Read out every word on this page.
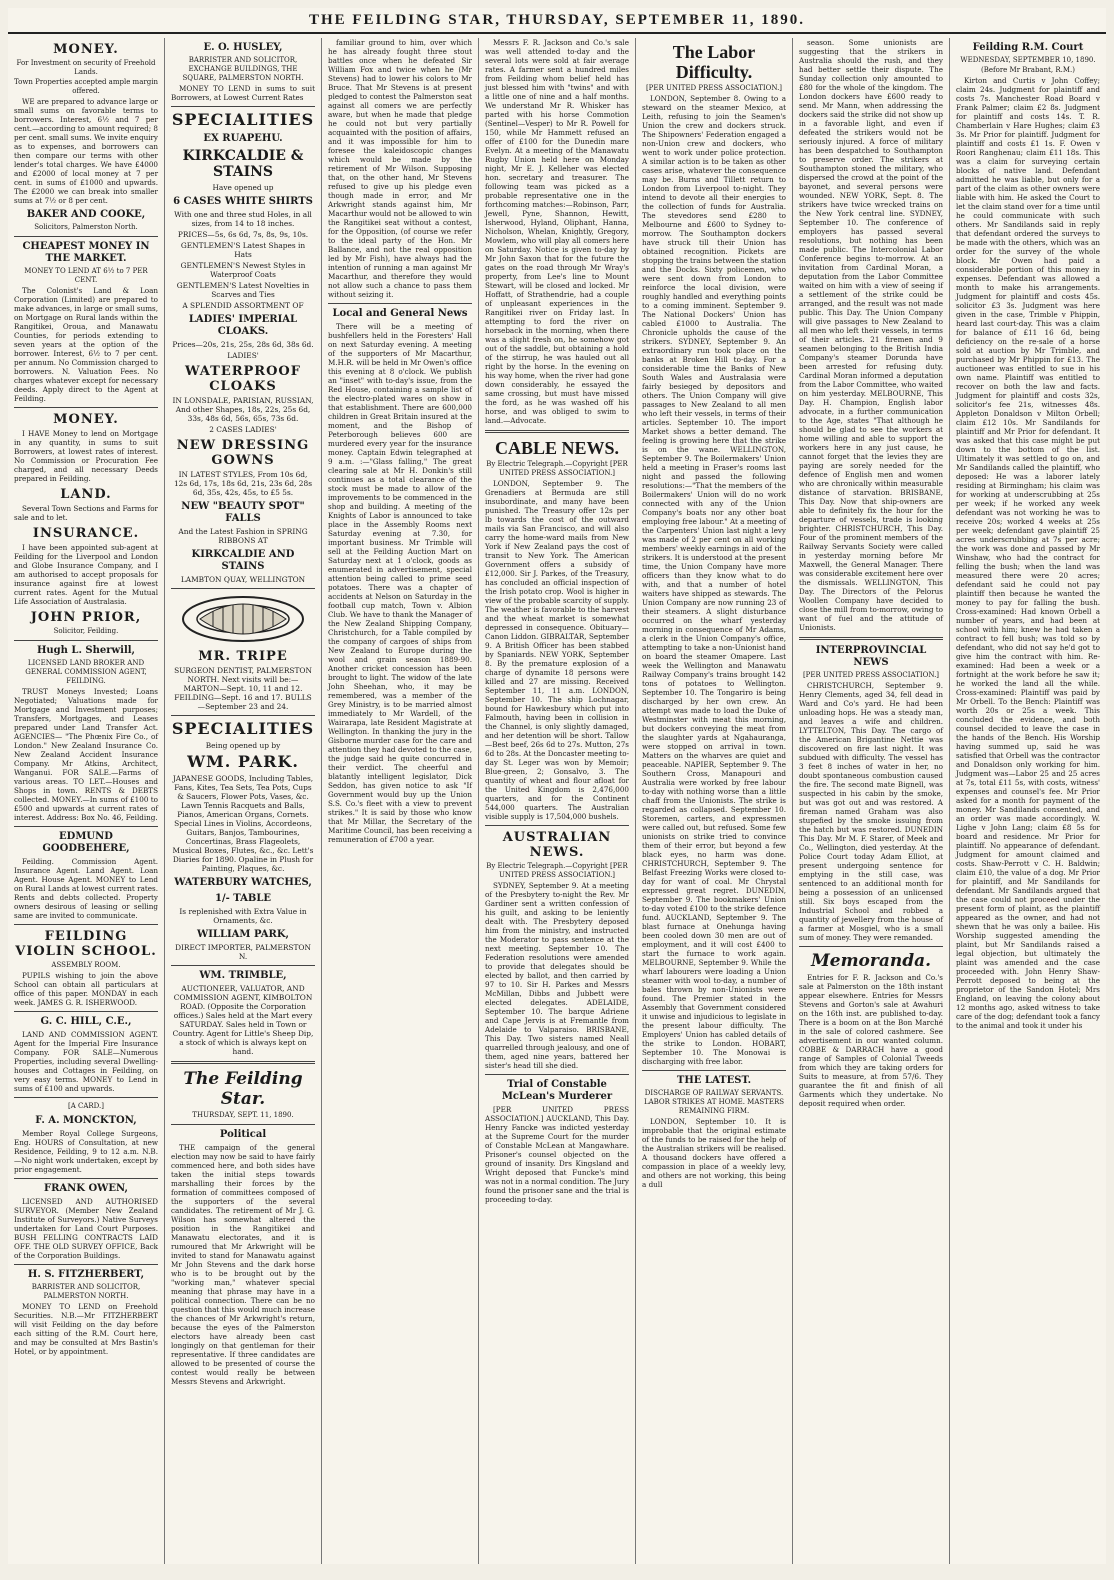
THE FEILDING STAR, THURSDAY, SEPTEMBER 11, 1890.
MONEY.
For Investment on security of Freehold Lands.
Town Properties accepted ample margin offered.

WE are prepared to advance large or small sums on favorable terms to borrowers. Interest, 6½ and 7 per cent.—according to amount required; 8 per cent. small sums. We invite enquiry as to expenses, and borrowers can then compare our terms with other lender's total charges. We have £4000 and £2000 of local money at 7 per cent. in sums of £1000 and upwards. The £2000 we can break into smaller sums at 7½ or 8 per cent.

BAKER AND COOKE,
Solicitors, Palmerston North.
CHEAPEST MONEY IN THE MARKET.
MONEY TO LEND AT 6½ to 7 PER CENT.

The Colonist's Land & Loan Corporation (Limited) are prepared to make advances, in large or small sums, on Mortgage on Rural lands within the Rangitikei, Oroua, and Manawatu Counties, for periods extending to seven years at the option of the borrower. Interest, 6½ to 7 per cent. per annum. No Commission charged to borrowers. N. Valuation Fees. No charges whatever except for necessary deeds. Apply direct to the Agent at Feilding.

MONEY.

I HAVE Money to lend on Mortgage in any quantity, in sums to suit Borrowers, at lowest rates of interest. No Commission or Procuration Fee charged, and all necessary Deeds prepared in Feilding.

LAND.

Several Town Sections and Farms for sale and to let.

INSURANCE.

I have been appointed sub-agent at Feilding for the Liverpool and London and Globe Insurance Company, and I am authorised to accept proposals for insurance against fire at lowest current rates. Agent for the Mutual Life Association of Australasia.

JOHN PRIOR,
Solicitor, Feilding.
Hugh L. Sherwill,
LICENSED LAND BROKER AND GENERAL COMMISSION AGENT, FEILDING.

TRUST Moneys Invested; Loans Negotiated; Valuations made for Mortgage and Investment purposes; Transfers, Mortgages, and Leases prepared under Land Transfer Act. AGENCIES— "The Phœnix Fire Co., of London." New Zealand Insurance Co. New Zealand Accident Insurance Company. Mr Atkins, Architect, Wanganui. FOR SALE.—Farms of various areas. TO LET.—Houses and Shops in town. RENTS & DEBTS collected. MONEY.—In sums of £100 to £500 and upwards at current rates of interest. Address: Box No. 46, Feilding.

EDMUND GOODBEHERE,

Feilding. Commission Agent. Insurance Agent. Land Agent. Loan Agent. House Agent. MONEY to Lend on Rural Lands at lowest current rates. Rents and debts collected. Property owners desirous of leasing or selling same are invited to communicate.

FEILDING VIOLIN SCHOOL.
ASSEMBLY ROOM.

PUPILS wishing to join the above School can obtain all particulars at office of this paper. MONDAY in each week. JAMES G. R. ISHERWOOD.

G. C. HILL, C.E.,

LAND AND COMMISSION AGENT. Agent for the Imperial Fire Insurance Company. FOR SALE—Numerous Properties, including several Dwelling-houses and Cottages in Feilding, on very easy terms. MONEY to Lend in sums of £100 and upwards.

[A CARD.]
F. A. MONCKTON,

Member Royal College Surgeons, Eng. HOURS of Consultation, at new Residence, Feilding, 9 to 12 a.m. N.B.—No night work undertaken, except by prior engagement.

FRANK OWEN,

LICENSED AND AUTHORISED SURVEYOR. (Member New Zealand Institute of Surveyors.) Native Surveys undertaken for Land Court Purposes. BUSH FELLING CONTRACTS LAID OFF. THE OLD SURVEY OFFICE, Back of the Corporation Buildings.

H. S. FITZHERBERT,
BARRISTER AND SOLICITOR, PALMERSTON NORTH.

MONEY TO LEND on Freehold Securities. N.B.—Mr FITZHERBERT will visit Feilding on the day before each sitting of the R.M. Court here, and may be consulted at Mrs Bastin's Hotel, or by appointment.

E. O. HUSLEY,
BARRISTER AND SOLICITOR, EXCHANGE BUILDINGS, THE SQUARE, PALMERSTON NORTH.

MONEY TO LEND in sums to suit Borrowers, at Lowest Current Rates

SPECIALITIES
EX RUAPEHU.
KIRKCALDIE & STAINS
Have opened up
6 CASES WHITE SHIRTS
With one and three stud Holes, in all sizes, from 14 to 18 inches.
PRICES—5s, 6s 6d, 7s, 8s, 9s, 10s.
GENTLEMEN'S Latest Shapes in Hats
GENTLEMEN'S Newest Styles in Waterproof Coats
GENTLEMEN'S Latest Novelties in Scarves and Ties
A SPLENDID ASSORTMENT OF
LADIES' IMPERIAL CLOAKS.
Prices—20s, 21s, 25s, 28s 6d, 38s 6d.
LADIES'
WATERPROOF CLOAKS
IN LONSDALE, PARISIAN, RUSSIAN, And other Shapes, 18s, 22s, 25s 6d, 33s, 48s 6d, 56s, 65s, 73s 6d.
2 CASES LADIES'
NEW DRESSING GOWNS
IN LATEST STYLES, From 10s 6d, 12s 6d, 17s, 18s 6d, 21s, 23s 6d, 28s 6d, 35s, 42s, 45s, to £5 5s.
NEW "BEAUTY SPOT" FALLS
And the Latest Fashion in SPRING RIBBONS AT
KIRKCALDIE AND STAINS
LAMBTON QUAY, WELLINGTON
MR. TRIPE
SURGEON DENTIST, PALMERSTON NORTH. Next visits will be:— MARTON—Sept. 10, 11 and 12. FEILDING—Sept. 16 and 17. BULLS—September 23 and 24.
SPECIALITIES
Being opened up by
WM. PARK.
JAPANESE GOODS, Including Tables, Fans, Kites, Tea Sets, Tea Pots, Cups & Saucers, Flower Pots, Vases, &c. Lawn Tennis Racquets and Balls, Pianos, American Organs, Cornets. Special Lines in Violins, Accordeons, Guitars, Banjos, Tambourines, Concertinas, Brass Flageolets, Musical Boxes, Flutes, &c., &c. Lett's Diaries for 1890. Opaline in Plush for Painting, Plaques, &c.
WATERBURY WATCHES,
1/- TABLE
Is replenished with Extra Value in Ornaments, &c.
WILLIAM PARK,
DIRECT IMPORTER, PALMERSTON N.
WM. TRIMBLE,
AUCTIONEER, VALUATOR, AND COMMISSION AGENT, KIMBOLTON ROAD. (Opposite the Corporation offices.) Sales held at the Mart every SATURDAY. Sales held in Town or Country. Agent for Little's Sheep Dip, a stock of which is always kept on hand.
The Feilding Star.
THURSDAY, SEPT. 11, 1890.
Political

THE campaign of the general election may now be said to have fairly commenced here, and both sides have taken the initial steps towards marshalling their forces by the formation of committees composed of the supporters of the several candidates. The retirement of Mr J. G. Wilson has somewhat altered the position in the Rangitikei and Manawatu electorates, and it is rumoured that Mr Arkwright will be invited to stand for Manawatu against Mr John Stevens and the dark horse who is to be brought out by the "working man," whatever special meaning that phrase may have in a political connection. There can be no question that this would much increase the chances of Mr Arkwright's return, because the eyes of the Palmerston electors have already been cast longingly on that gentleman for their representative. If three candidates are allowed to be presented of course the contest would really be between Messrs Stevens and Arkwright.

familiar ground to him, over which he has already fought three stout battles once when he defeated Sir William Fox and twice when he (Mr Stevens) had to lower his colors to Mr Bruce. That Mr Stevens is at present pledged to contest the Palmerston seat against all comers we are perfectly aware, but when he made that pledge he could not but very partially acquainted with the position of affairs, and it was impossible for him to foresee the kaleidoscopic changes which would be made by the retirement of Mr Wilson. Supposing that, on the other hand, Mr Stevens refused to give up his pledge even though made in error, and Mr Arkwright stands against him, Mr Macarthur would not be allowed to win the Rangitikei seat without a contest, for the Opposition, (of course we refer to the ideal party of the Hon. Mr Ballance, and not the real opposition led by Mr Fish), have always had the intention of running a man against Mr Macarthur, and therefore they would not allow such a chance to pass them without seizing it.

Local and General News

There will be a meeting of bushfellers held in the Foresters' Hall on next Saturday evening. A meeting of the supporters of Mr Macarthur, M.H.R. will be held in Mr Owen's office this evening at 8 o'clock. We publish an "inset" with to-day's issue, from the Red House, containing a sample list of the electro-plated wares on show in that establishment. There are 600,000 children in Great Britain insured at the moment, and the Bishop of Peterborough believes 600 are murdered every year for the insurance money. Captain Edwin telegraphed at 9 a.m. :—"Glass falling," The great clearing sale at Mr H. Donkin's still continues as a total clearance of the stock must be made to allow of the improvements to be commenced in the shop and building. A meeting of the Knights of Labor is announced to take place in the Assembly Rooms next Saturday evening at 7.30, for important business. Mr Trimble will sell at the Feilding Auction Mart on Saturday next at 1 o'clock, goods as enumerated in advertisement, special attention being called to prime seed potatoes. There was a chapter of accidents at Nelson on Saturday in the football cup match, Town v. Albion Club. We have to thank the Manager of the New Zealand Shipping Company, Christchurch, for a Table compiled by the company of cargoes of ships from New Zealand to Europe during the wool and grain season 1889-90. Another cricket concession has been brought to light. The widow of the late John Sheehan, who, it may be remembered, was a member of the Grey Ministry, is to be married almost immediately to Mr Wardell, of the Wairarapa, late Resident Magistrate at Wellington. In thanking the jury in the Gisborne murder case for the care and attention they had devoted to the case, the judge said he quite concurred in their verdict. The cheerful and blatantly intelligent legislator, Dick Seddon, has given notice to ask "If Government would buy up the Union S.S. Co.'s fleet with a view to prevent strikes." It is said by those who know that Mr Millar, the Secretary of the Maritime Council, has been receiving a remuneration of £700 a year.

Messrs F. R. Jackson and Co.'s sale was well attended to-day and the several lots were sold at fair average rates. A farmer sent a hundred miles from Feilding whom belief held has just blessed him with "twins" and with a little one of nine and a half months. We understand Mr R. Whisker has parted with his horse Commotion (Sentinel—Vesper) to Mr R. Powell for 150, while Mr Hammett refused an offer of £100 for the Dunedin mare Evelyn. At a meeting of the Manawatu Rugby Union held here on Monday night, Mr E. J. Kelleher was elected hon. secretary and treasurer. The following team was picked as a probable representative one in the forthcoming matches:—Robinson, Parr, Jewell, Pyne, Shannon, Hewitt, Isherwood, Hyland, Oliphant, Hanna, Nicholson, Whelan, Knightly, Gregory, Mowlem, who will play all comers here on Saturday. Notice is given to-day by Mr John Saxon that for the future the gates on the road through Mr Wray's property, from Lee's line to Mount Stewart, will be closed and locked. Mr Hoffatt, of Strathendrie, had a couple of unpleasant experiences in the Rangitikei river on Friday last. In attempting to ford the river on horseback in the morning, when there was a slight fresh on, he somehow got out of the saddle, but obtaining a hold of the stirrup, he was hauled out all right by the horse. In the evening on his way home, when the river had gone down considerably, he essayed the same crossing, but must have missed the ford, as he was washed off his horse, and was obliged to swim to land.—Advocate.

CABLE NEWS.
By Electric Telegraph.—Copyright [PER UNITED PRESS ASSOCIATION.]

LONDON, September 9. The Grenadiers at Bermuda are still insubordinate, and many have been punished. The Treasury offer 12s per lb towards the cost of the outward mails via San Francisco, and will also carry the home-ward mails from New York if New Zealand pays the cost of transit to New York. The American Government offers a subsidy of £12,000. Sir J. Parkes, of the Treasury, has concluded an official inspection of the Irish potato crop. Wool is higher in view of the probable scarcity of supply. The weather is favorable to the harvest and the wheat market is somewhat depressed in consequence. Obituary—Canon Liddon. GIBRALTAR, September 9. A British Officer has been stabbed by Spaniards. NEW YORK, September 8. By the premature explosion of a charge of dynamite 18 persons were killed and 27 are missing. Received September 11, 11 a.m. LONDON, September 10. The ship Lochnagar, bound for Hawkesbury which put into Falmouth, having been in collision in the Channel, is only slightly damaged, and her detention will be short. Tallow—Best beef, 26s 6d to 27s. Mutton, 27s 6d to 28s. At the Doncaster meeting to-day St. Leger was won by Memoir; Blue-green, 2; Gonsalvo, 3. The quantity of wheat and flour afloat for the United Kingdom is 2,476,000 quarters, and for the Continent 544,000 quarters. The Australian visible supply is 17,504,000 bushels.

AUSTRALIAN NEWS.
By Electric Telegraph.—Copyright [PER UNITED PRESS ASSOCIATION.]

SYDNEY, September 9. At a meeting of the Presbytery to-night the Rev. Mr Gardiner sent a written confession of his guilt, and asking to be leniently dealt with. The Presbytery deposed him from the ministry, and instructed the Moderator to pass sentence at the next meeting. September 10. The Federation resolutions were amended to provide that delegates should be elected by ballot, and then carried by 97 to 10. Sir H. Parkes and Messrs McMillan, Dibbs and Jubbett were elected delegates. ADELAIDE, September 10. The barque Adriene and Cape Jervis is at Fremantle from Adelaide to Valparaiso. BRISBANE, This Day. Two sisters named Neall quarrelled through jealousy, and one of them, aged nine years, battered her sister's head till she died.

Trial of Constable McLean's Murderer

[PER UNITED PRESS ASSOCIATION.] AUCKLAND, This Day. Henry Fancke was indicted yesterday at the Supreme Court for the murder of Constable McLean at Mangawhare. Prisoner's counsel objected on the ground of insanity. Drs Kingsland and Wright deposed that Funcke's mind was not in a normal condition. The Jury found the prisoner sane and the trial is proceeding to-day.

The Labor Difficulty.
[PER UNITED PRESS ASSOCIATION.]

LONDON, September 8. Owing to a steward on the steamer Mexico, at Leith, refusing to join the Seamen's Union the crew and dockers struck. The Shipowners' Federation engaged a non-Union crew and dockers, who went to work under police protection. A similar action is to be taken as other cases arise, whatever the consequence may be. Burns and Tillett return to London from Liverpool to-night. They intend to devote all their energies to the collection of funds for Australia. The stevedores send £280 to Melbourne and £600 to Sydney to-morrow. The Southampton dockers have struck till their Union has obtained recognition. Pickets are stopping the trains between the station and the Docks. Sixty policemen, who were sent down from London to reinforce the local division, were roughly handled and everything points to a coming imminent. September 9. The National Dockers' Union has cabled £1000 to Australia. The Chronicle upholds the cause of the strikers. SYDNEY, September 9. An extraordinary run took place on the banks at Broken Hill to-day. For a considerable time the Banks of New South Wales and Australasia were fairly besieged by depositors and others. The Union Company will give passages to New Zealand to all men who left their vessels, in terms of their articles. September 10. The import Market shows a better demand. The feeling is growing here that the strike is on the wane. WELLINGTON, September 9. The Boilermakers' Union held a meeting in Fraser's rooms last night and passed the following resolutions:—"That the members of the Boilermakers' Union will do no work connected with any of the Union Company's boats nor any other boat employing free labour." At a meeting of the Carpenters' Union last night a levy was made of 2 per cent on all working members' weekly earnings in aid of the strikers. It is understood at the present time, the Union Company have more officers than they know what to do with, and that a number of hotel waiters have shipped as stewards. The Union Company are now running 23 of their steamers. A slight disturbance occurred on the wharf yesterday morning in consequence of Mr Adams, a clerk in the Union Company's office, attempting to take a non-Unionist hand on board the steamer Omapere. Last week the Wellington and Manawatu Railway Company's trains brought 142 tons of potatoes to Wellington. September 10. The Tongariro is being discharged by her own crew. An attempt was made to load the Duke of Westminster with meat this morning, but dockers conveying the meat from the slaughter yards at Ngahauranga, were stopped on arrival in town. Matters on the wharves are quiet and peaceable. NAPIER, September 9. The Southern Cross, Manapouri and Australia were worked by free labour to-day with nothing worse than a little chaff from the Unionists. The strike is regarded as collapsed. September 10. Storemen, carters, and expressmen were called out, but refused. Some few unionists on strike tried to convince them of their error, but beyond a few black eyes, no harm was done. CHRISTCHURCH, September 9. The Belfast Freezing Works were closed to-day for want of coal. Mr Chrystal expressed great regret. DUNEDIN, September 9. The bookmakers' Union to-day voted £100 to the strike defence fund. AUCKLAND, September 9. The blast furnace at Onehunga having been cooled down 30 men are out of employment, and it will cost £400 to start the furnace to work again. MELBOURNE, September 9. While the wharf labourers were loading a Union steamer with wool to-day, a number of bales thrown by non-Unionists were found. The Premier stated in the Assembly that Government considered it unwise and injudicious to legislate in the present labour difficulty. The Employers' Union has cabled details of the strike to London. HOBART, September 10. The Monowai is discharging with free labor.

THE LATEST.
DISCHARGE OF RAILWAY SERVANTS. LABOR STRIKES AT HOME. MASTERS REMAINING FIRM.

LONDON, September 10. It is improbable that the original estimate of the funds to be raised for the help of the Australian strikers will be realised. A thousand dockers have offered a compassion in place of a weekly levy, and others are not working, this being a dull

season. Some unionists are suggesting that the strikers in Australia should the rush, and they had better settle their dispute. The Sunday collection only amounted to £80 for the whole of the kingdom. The London dockers have £600 ready to send. Mr Mann, when addressing the dockers said the strike did not show up in a favorable light, and even if defeated the strikers would not be seriously injured. A force of military has been despatched to Southampton to preserve order. The strikers at Southampton stoned the military, who dispersed the crowd at the point of the bayonet, and several persons were wounded. NEW YORK, Sept. 8. The strikers have twice wrecked trains on the New York central line. SYDNEY, September 10. The conference of employers has passed several resolutions, but nothing has been made public. The Intercolonial Labor Conference begins to-morrow. At an invitation from Cardinal Moran, a deputation from the Labor Committee waited on him with a view of seeing if a settlement of the strike could be arranged, and the result was not made public. This Day. The Union Company will give passages to New Zealand to all men who left their vessels, in terms of their articles. 21 firemen and 9 seamen belonging to the British India Company's steamer Dorunda have been arrested for refusing duty. Cardinal Moran informed a deputation from the Labor Committee, who waited on him yesterday. MELBOURNE, This Day. H. Champion, English labor advocate, in a further communication to the Age, states "That although he should be glad to see the workers at home willing and able to support the workers here in any just cause, he cannot forget that the levies they are paying are sorely needed for the defence of English men and women who are chronically within measurable distance of starvation. BRISBANE, This Day. Now that ship-owners are able to definitely fix the hour for the departure of vessels, trade is looking brighter. CHRISTCHURCH, This Day. Four of the prominent members of the Railway Servants Society were called in yesterday morning before Mr Maxwell, the General Manager. There was considerable excitement here over the dismissals. WELLINGTON, This Day. The Directors of the Pelorus Woollen Company have decided to close the mill from to-morrow, owing to want of fuel and the attitude of Unionists.

INTERPROVINCIAL NEWS
[PER UNITED PRESS ASSOCIATION.]

CHRISTCHURCH, September 9. Henry Clements, aged 34, fell dead in Ward and Co's yard. He had been unloading hops. He was a steady man, and leaves a wife and children. LYTTELTON, This Day. The cargo of the American Brigantine Nettie was discovered on fire last night. It was subdued with difficulty. The vessel has 3 feet 8 inches of water in her, no doubt spontaneous combustion caused the fire. The second mate Bignell, was suspected in his cabin by the smoke, but was got out and was restored. A fireman named Graham was also stupefied by the smoke issuing from the hatch but was restored. DUNEDIN This Day. Mr M. F. Starer, of Meek and Co., Wellington, died yesterday. At the Police Court today Adam Elliot, at present undergoing sentence for emptying in the still case, was sentenced to an additional month for being a possession of an unlicensed still. Six boys escaped from the Industrial School and robbed a quantity of jewellery from the house of a farmer at Mosgiel, who is a small sum of money. They were remanded.

Memoranda.

Entries for F. R. Jackson and Co.'s sale at Palmerston on the 18th instant appear elsewhere. Entries for Messrs Stevens and Gorton's sale at Awahuri on the 16th inst. are published to-day. There is a boom on at the Bon Marché in the sale of colored cashmere. See advertisement in our wanted column. COBBE & DARRACH have a good range of Samples of Colonial Tweeds from which they are taking orders for Suits to measure, at from 57/6. They guarantee the fit and finish of all Garments which they undertake. No deposit required when order.

Feilding R.M. Court
WEDNESDAY, SEPTEMBER 10, 1890.
(Before Mr Brabant, R.M.)

Kirton and Curtis v John Coffey; claim 24s. Judgment for plaintiff and costs 7s. Manchester Road Board v Frank Palmer; claim £2 8s. Judgment for plaintiff and costs 14s. T. R. Chamberlain v Hare Hughes; claim £3 3s. Mr Prior for plaintiff. Judgment for plaintiff and costs £1 1s. F. Owen v Roori Ranghenau; claim £11 18s. This was a claim for surveying certain blocks of native land. Defendant admitted he was liable, but only for a part of the claim as other owners were liable with him. He asked the Court to let the claim stand over for a time until he could communicate with such others. Mr Sandilands said in reply that defendant ordered the surveys to be made with the others, which was an order for the survey of the whole block. Mr Owen had paid a considerable portion of this money in expenses. Defendant was allowed a month to make his arrangements. Judgment for plaintiff and costs 45s. solicitor £3 3s. Judgment was here given in the case, Trimble v Phippin, heard last court-day. This was a claim for balance of £11 16 6d, being deficiency on the re-sale of a horse sold at auction by Mr Trimble, and purchased by Mr Phippin for £13. The auctioneer was entitled to sue in his own name. Plaintiff was entitled to recover on both the law and facts. Judgment for plaintiff and costs 32s, solicitor's fee 21s, witnesses 48s. Appleton Donaldson v Milton Orbell; claim £12 10s. Mr Sandilands for plaintiff and Mr Prior for defendant. It was asked that this case might be put down to the bottom of the list. Ultimately it was settled to go on, and Mr Sandilands called the plaintiff, who deposed: He was a laborer lately residing at Birmingham; his claim was for working at underscrubbing at 25s per week; if he worked any week defendant was not working he was to receive 20s; worked 4 weeks at 25s per week; defendant gave plaintiff 25 acres underscrubbing at 7s per acre; the work was done and passed by Mr Winshaw, who had the contract for felling the bush; when the land was measured there were 20 acres; defendant said he could not pay plaintiff then because he wanted the money to pay for falling the bush. Cross-examined: Had known Orbell a number of years, and had been at school with him; knew he had taken a contract to fell bush; was told so by defendant, who did not say he'd got to give him the contract with him. Re-examined: Had been a week or a fortnight at the work before he saw it; he worked the land all the while. Cross-examined: Plaintiff was paid by Mr Orbell. To the Bench: Plaintiff was worth 20s or 25s a week. This concluded the evidence, and both counsel decided to leave the case in the hands of the Bench. His Worship having summed up, said he was satisfied that Orbell was the contractor and Donaldson only working for him. Judgment was—Labor 25 and 25 acres at 7s, total £11 5s, with costs, witness' expenses and counsel's fee. Mr Prior asked for a month for payment of the money. Mr Sandilands consented, and an order was made accordingly. W. Lighe v John Lang; claim £8 5s for board and residence. Mr Prior for plaintiff. No appearance of defendant. Judgment for amount claimed and costs. Shaw-Perrott v C. H. Baldwin; claim £10, the value of a dog. Mr Prior for plaintiff, and Mr Sandilands for defendant. Mr Sandilands argued that the case could not proceed under the present form of plaint, as the plaintiff appeared as the owner, and had not shewn that he was only a bailee. His Worship suggested amending the plaint, but Mr Sandilands raised a legal objection, but ultimately the plaint was amended and the case proceeded with. John Henry Shaw-Perrott deposed to being at the proprietor of the Sandon Hotel; Mrs England, on leaving the colony about 12 months ago, asked witness to take care of the dog; defendant took a fancy to the animal and took it under his
